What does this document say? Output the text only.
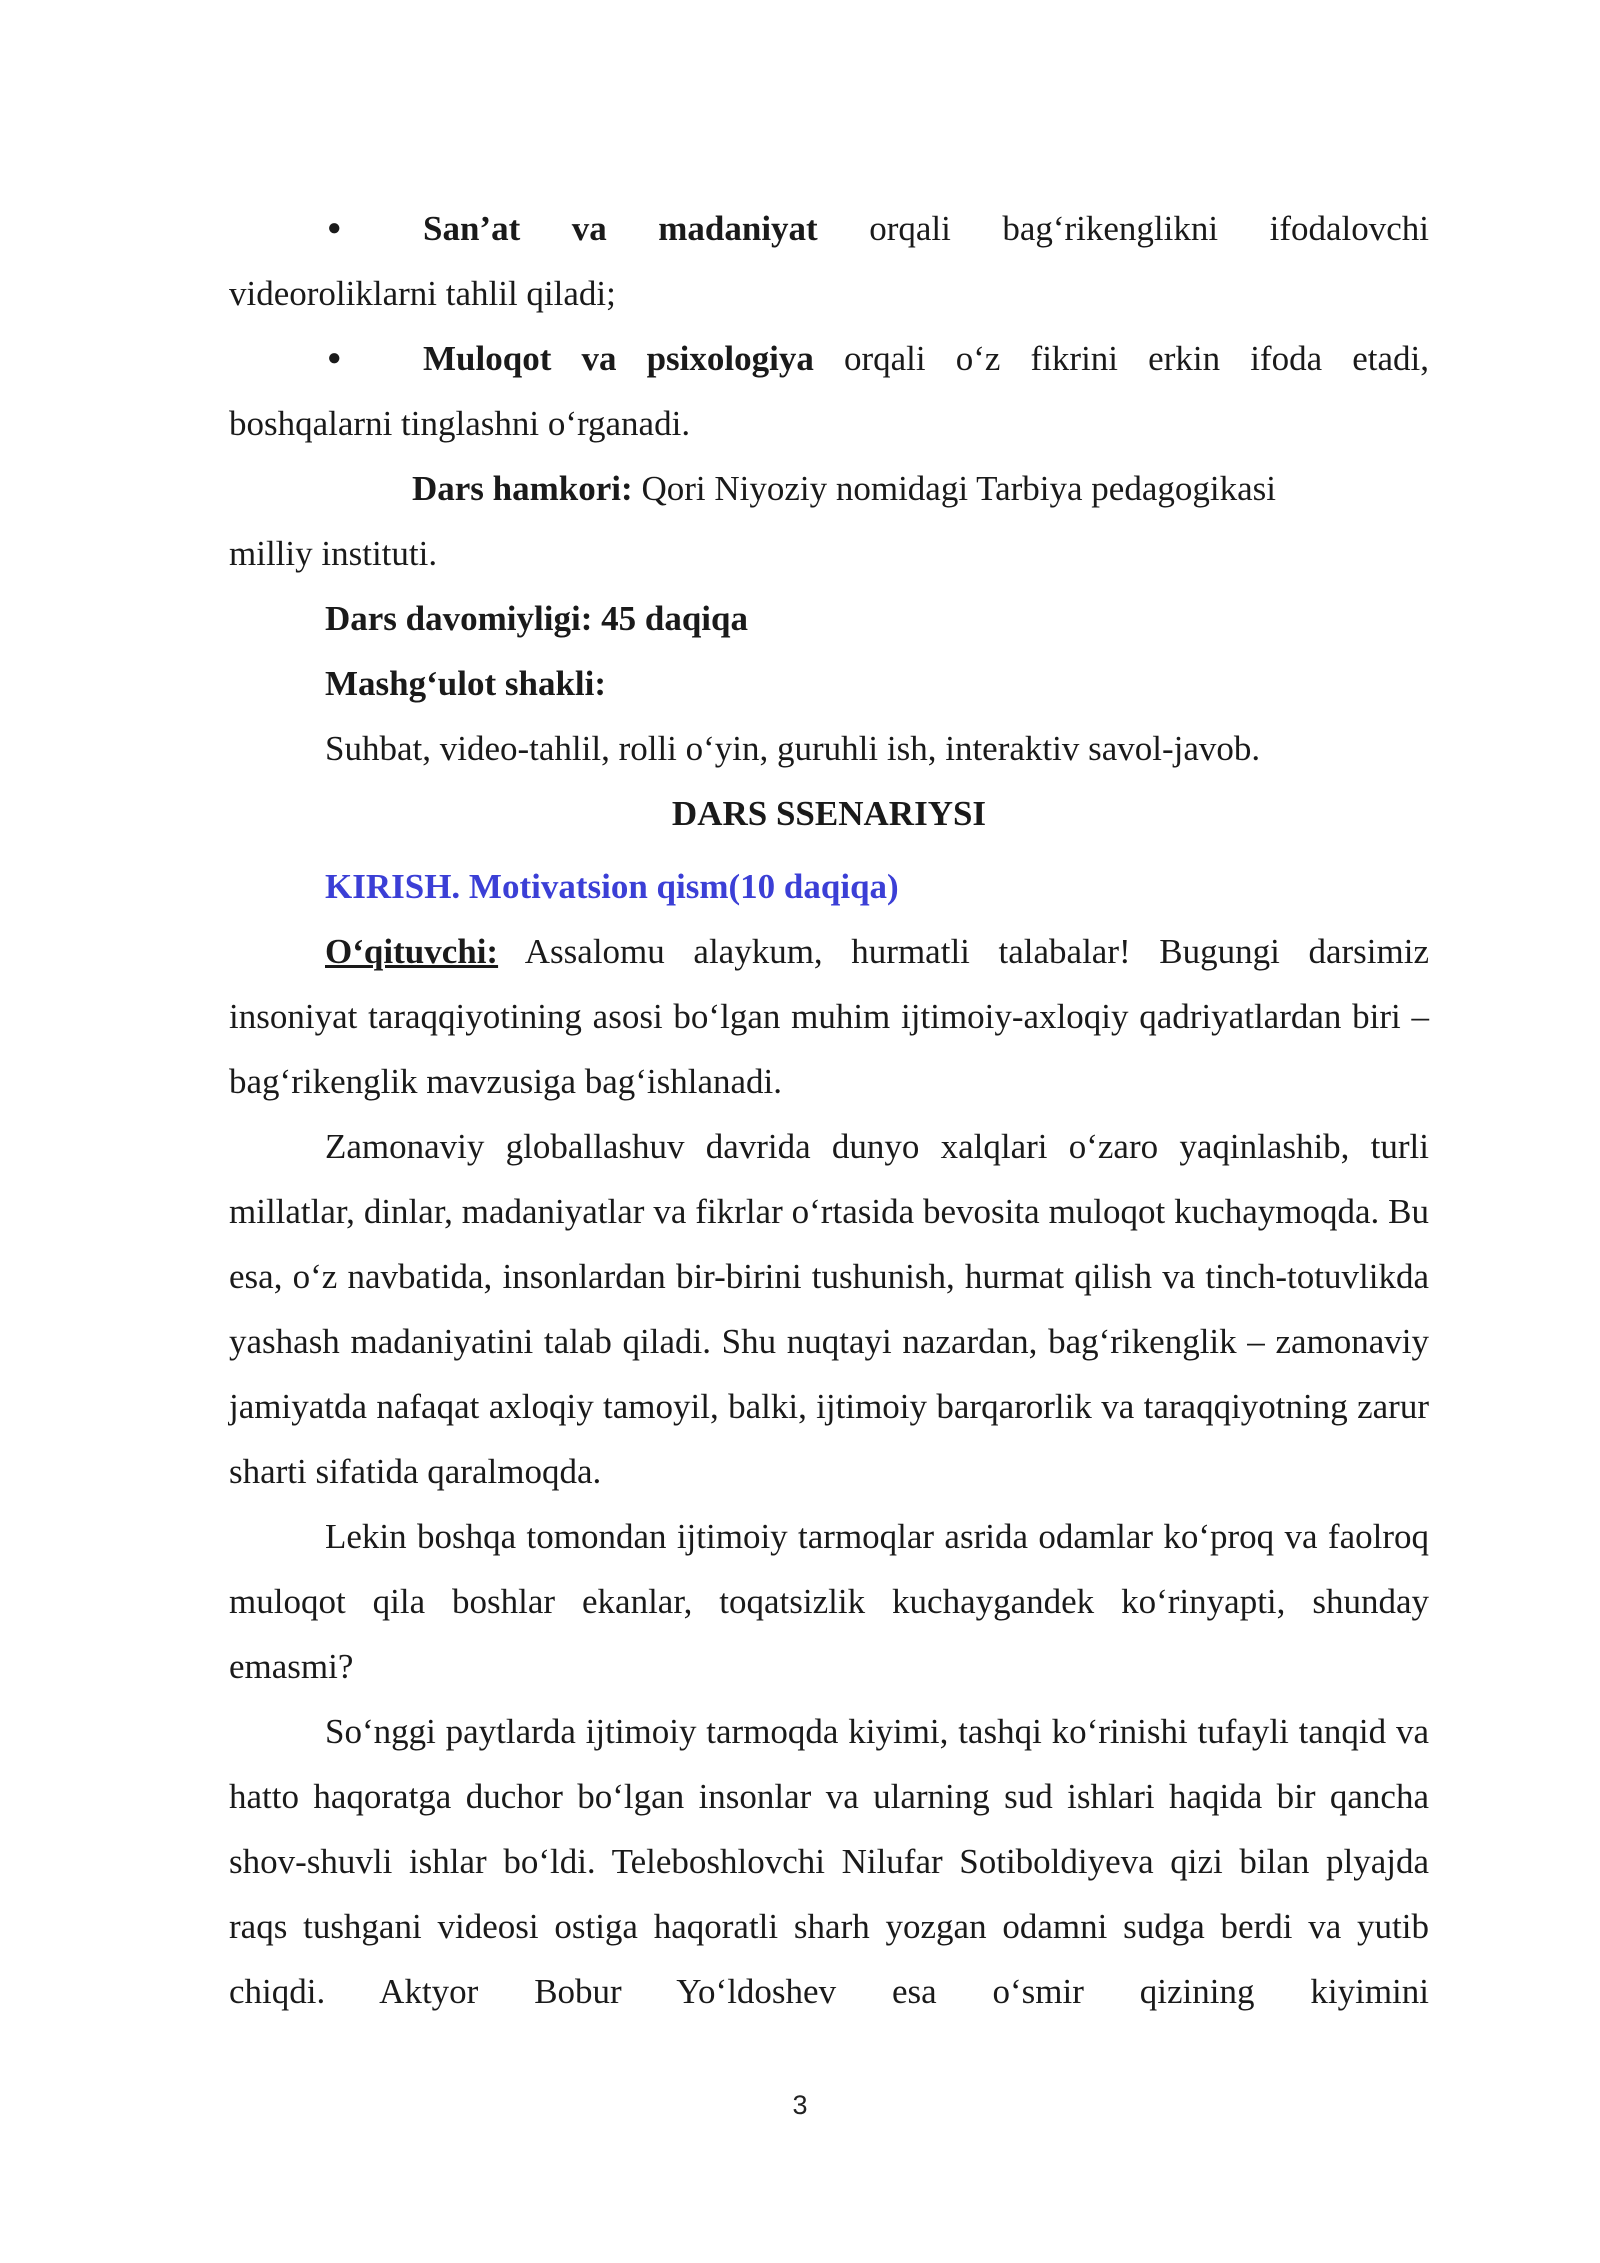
● San’at va madaniyat orqali bag‘rikenglikni ifodalovchi

videoroliklarni tahlil qiladi;

● Muloqot va psixologiya orqali o‘z fikrini erkin ifoda etadi,

boshqalarni tinglashni o‘rganadi.

Dars hamkori: Qori Niyoziy nomidagi Tarbiya pedagogikasi

milliy instituti.

Dars davomiyligi: 45 daqiqa

Mashg‘ulot shakli:

Suhbat, video-tahlil, rolli o‘yin, guruhli ish, interaktiv savol-javob.

DARS SSENARIYSI

KIRISH. Motivatsion qism(10 daqiqa)

O‘qituvchi: Assalomu alaykum, hurmatli talabalar! Bugungi darsimiz insoniyat taraqqiyotining asosi bo‘lgan muhim ijtimoiy-axloqiy qadriyatlardan biri – bag‘rikenglik mavzusiga bag‘ishlanadi.

Zamonaviy globallashuv davrida dunyo xalqlari o‘zaro yaqinlashib, turli millatlar, dinlar, madaniyatlar va fikrlar o‘rtasida bevosita muloqot kuchaymoqda. Bu esa, o‘z navbatida, insonlardan bir-birini tushunish, hurmat qilish va tinch-totuvlikda yashash madaniyatini talab qiladi. Shu nuqtayi nazardan, bag‘rikenglik – zamonaviy jamiyatda nafaqat axloqiy tamoyil, balki, ijtimoiy barqarorlik va taraqqiyotning zarur sharti sifatida qaralmoqda.

Lekin boshqa tomondan ijtimoiy tarmoqlar asrida odamlar ko‘proq va faolroq muloqot qila boshlar ekanlar, toqatsizlik kuchaygandek ko‘rinyapti, shunday emasmi?

So‘nggi paytlarda ijtimoiy tarmoqda kiyimi, tashqi ko‘rinishi tufayli tanqid va hatto haqoratga duchor bo‘lgan insonlar va ularning sud ishlari haqida bir qancha shov-shuvli ishlar bo‘ldi. Teleboshlovchi Nilufar Sotiboldiyeva qizi bilan plyajda raqs tushgani videosi ostiga haqoratli sharh yozgan odamni sudga berdi va yutib chiqdi. Aktyor Bobur Yo‘ldoshev esa o‘smir qizining kiyimini

3
